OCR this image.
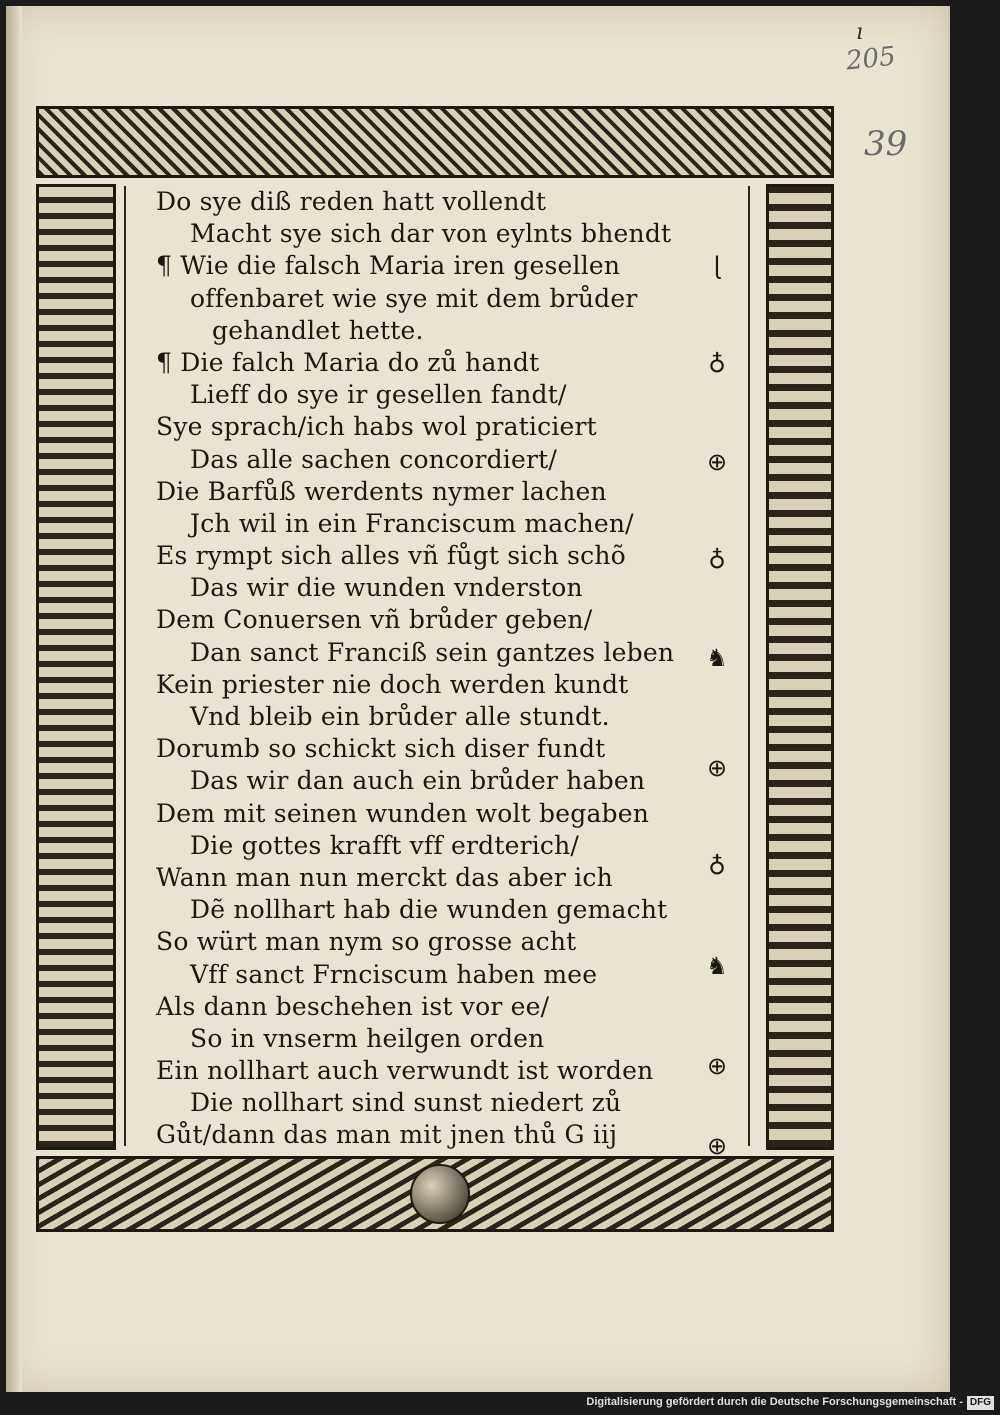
ı
205
39
Do sye diß reden hatt vollendt
Macht sye sich dar von eylnts bhendt
¶ Wie die falsch Maria iren gesellen
offenbaret wie sye mit dem brůder
gehandlet hette.
¶ Die falch Maria do zů handt
Lieff do sye ir gesellen fandt/
Sye sprach/ich habs wol praticiert
Das alle sachen concordiert/
Die Barfůß werdents nymer lachen
Jch wil in ein Franciscum machen/
Es rympt sich alles vñ fůgt sich schõ
Das wir die wunden vnderston
Dem Conuersen vñ brůder geben/
Dan sanct Franciß sein gantzes leben
Kein priester nie doch werden kundt
Vnd bleib ein brůder alle stundt.
Dorumb so schickt sich diser fundt
Das wir dan auch ein brůder haben
Dem mit seinen wunden wolt begaben
Die gottes krafft vff erdterich/
Wann man nun merckt das aber ich
Dẽ nollhart hab die wunden gemacht
So würt man nym so grosse acht
Vff sanct Frnciscum haben mee
Als dann beschehen ist vor ee/
So in vnserm heilgen orden
Ein nollhart auch verwundt ist worden
Die nollhart sind sunst niedert zů
Gůt/dann das man mit jnen thů G iij
ɭ
♁
⊕
♁
♞
⊕
♁
♞
⊕
⊕
Digitalisierung gefördert durch die Deutsche Forschungsgemeinschaft - DFG
